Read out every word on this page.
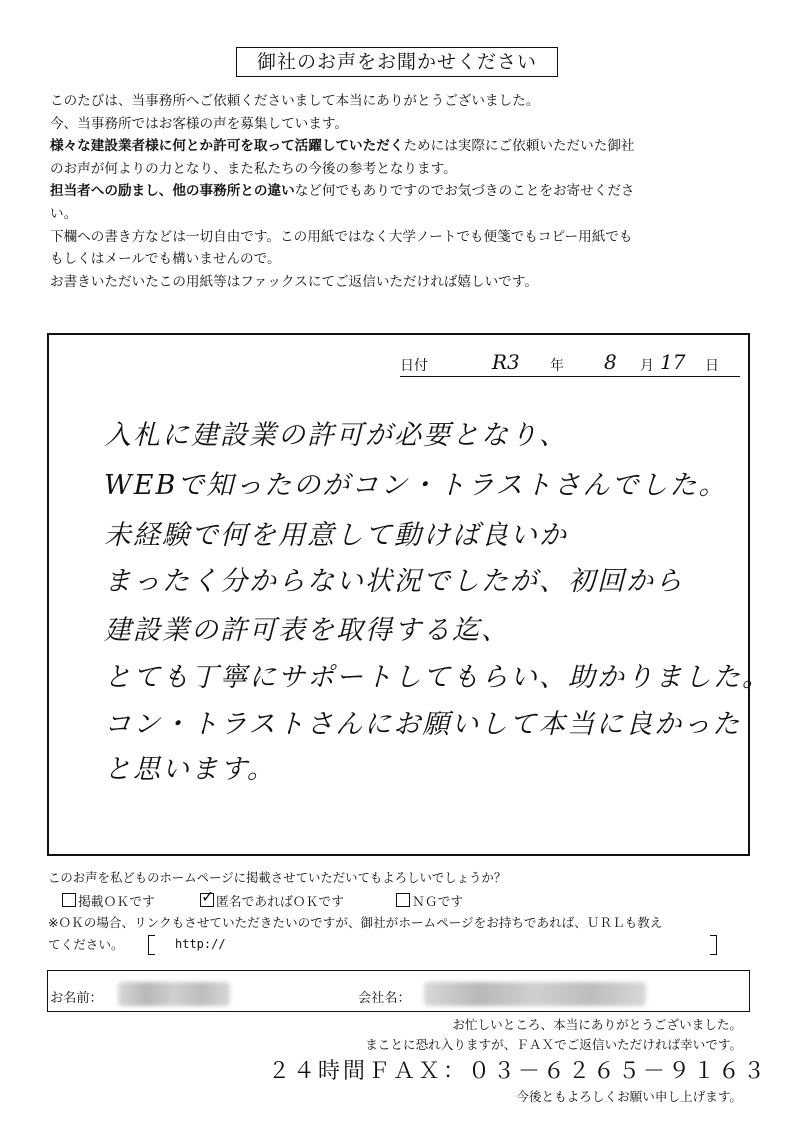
御社のお声をお聞かせください

このたびは、当事務所へご依頼くださいまして本当にありがとうございました。

今、当事務所ではお客様の声を募集しています。

様々な建設業者様に何とか許可を取って活躍していただくためには実際にご依頼いただいた御社

のお声が何よりの力となり、また私たちの今後の参考となります。

担当者への励まし、他の事務所との違いなど何でもありですのでお気づきのことをお寄せくださ

い。

下欄への書き方などは一切自由です。この用紙ではなく大学ノートでも便箋でもコピー用紙でも

もしくはメールでも構いませんので。

お書きいただいたこの用紙等はファックスにてご返信いただければ嬉しいです。

日付	R3 年 8 月 17 日
入札に建設業の許可が必要となり、
WEBで知ったのがコン・トラストさんでした。
未経験で何を用意して動けば良いか
まったく分からない状況でしたが、初回から
建設業の許可表を取得する迄、
とても丁寧にサポートしてもらい、助かりました。
コン・トラストさんにお願いして本当に良かった
と思います。
このお声を私どものホームページに掲載させていただいてもよろしいでしょうか？
掲載ＯＫです	✓ 匿名であればＯＫです	ＮＧです
※ＯＫの場合、リンクもさせていただきたいのですが、御社がホームページをお持ちであれば、ＵＲＬも教え
てください。	http://
お名前：	会社名：
お忙しいところ、本当にありがとうございました。
まことに恐れ入りますが、ＦＡＸでご返信いただければ幸いです。
２４時間ＦＡＸ：０３－６２６５－９１６３
今後ともよろしくお願い申し上げます。
